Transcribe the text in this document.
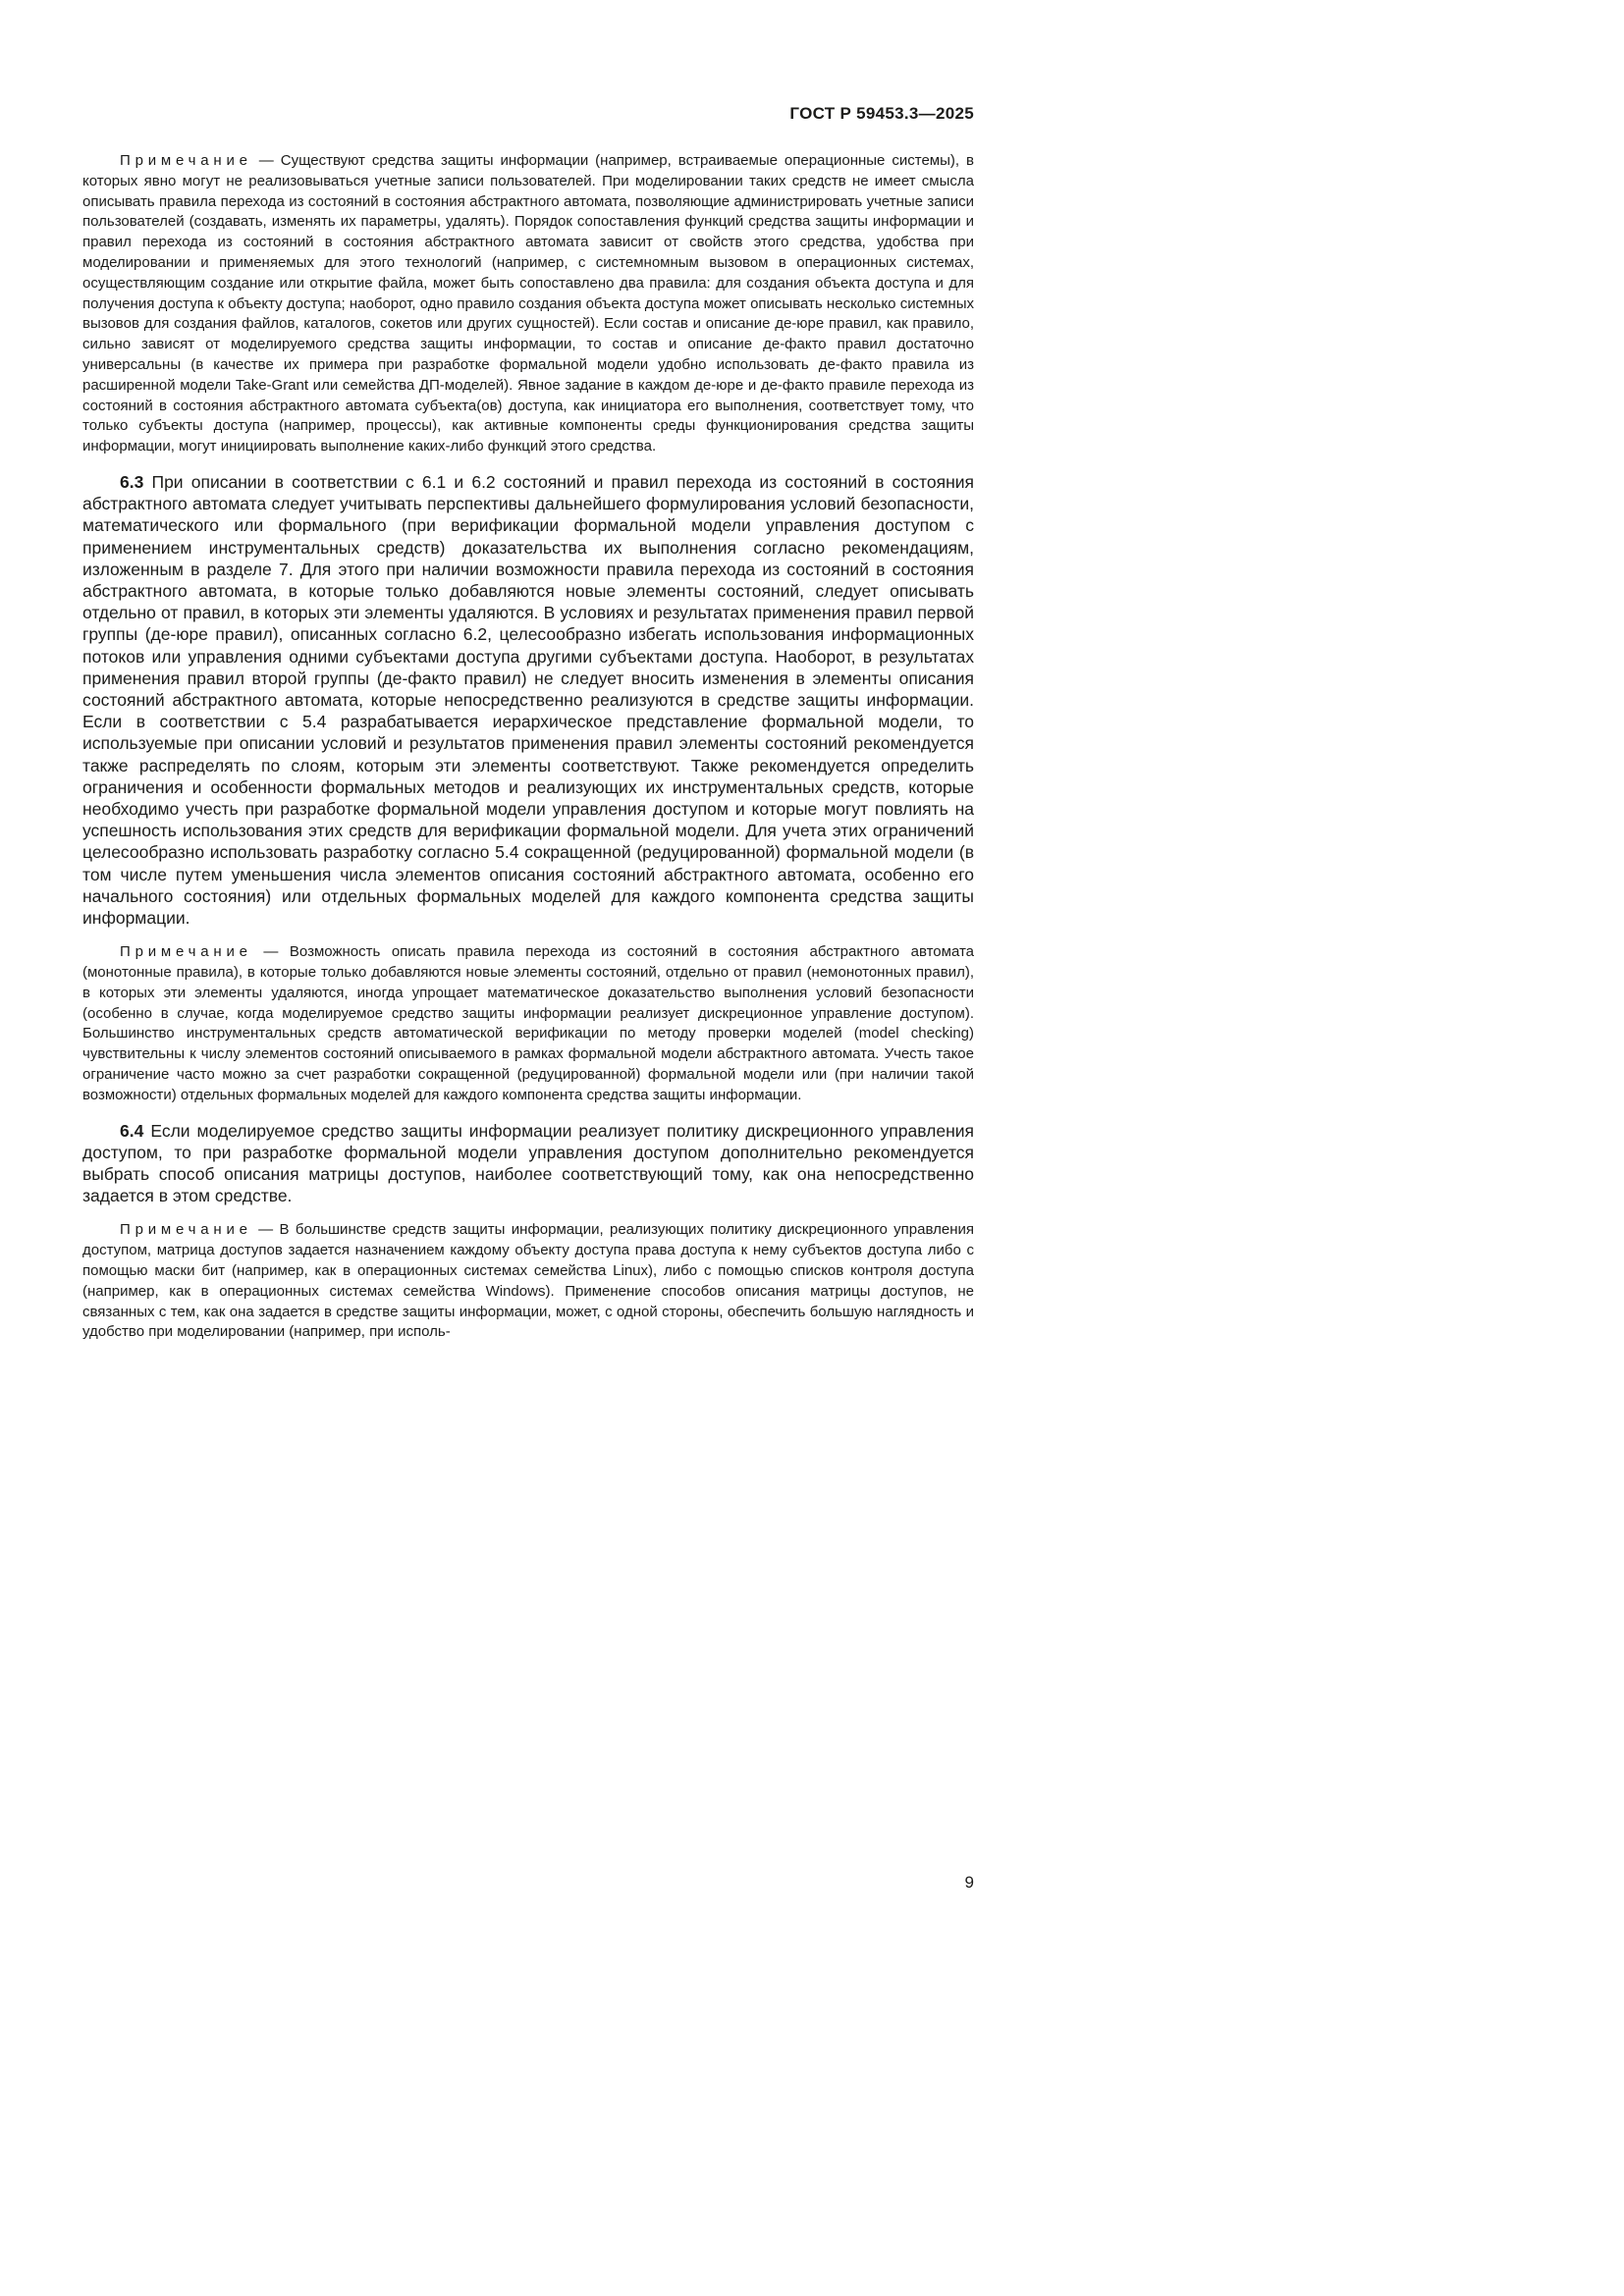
ГОСТ Р 59453.3—2025

Примечание — Существуют средства защиты информации (например, встраиваемые операционные системы), в которых явно могут не реализовываться учетные записи пользователей. При моделировании таких средств не имеет смысла описывать правила перехода из состояний в состояния абстрактного автомата, позволяющие администрировать учетные записи пользователей (создавать, изменять их параметры, удалять). Порядок сопоставления функций средства защиты информации и правил перехода из состояний в состояния абстрактного автомата зависит от свойств этого средства, удобства при моделировании и применяемых для этого технологий (например, с системномным вызовом в операционных системах, осуществляющим создание или открытие файла, может быть сопоставлено два правила: для создания объекта доступа и для получения доступа к объекту доступа; наоборот, одно правило создания объекта доступа может описывать несколько системных вызовов для создания файлов, каталогов, сокетов или других сущностей). Если состав и описание де-юре правил, как правило, сильно зависят от моделируемого средства защиты информации, то состав и описание де-факто правил достаточно универсальны (в качестве их примера при разработке формальной модели удобно использовать де-факто правила из расширенной модели Take-Grant или семейства ДП-моделей). Явное задание в каждом де-юре и де-факто правиле перехода из состояний в состояния абстрактного автомата субъекта(ов) доступа, как инициатора его выполнения, соответствует тому, что только субъекты доступа (например, процессы), как активные компоненты среды функционирования средства защиты информации, могут инициировать выполнение каких-либо функций этого средства.

6.3 При описании в соответствии с 6.1 и 6.2 состояний и правил перехода из состояний в состояния абстрактного автомата следует учитывать перспективы дальнейшего формулирования условий безопасности, математического или формального (при верификации формальной модели управления доступом с применением инструментальных средств) доказательства их выполнения согласно рекомендациям, изложенным в разделе 7. Для этого при наличии возможности правила перехода из состояний в состояния абстрактного автомата, в которые только добавляются новые элементы состояний, следует описывать отдельно от правил, в которых эти элементы удаляются. В условиях и результатах применения правил первой группы (де-юре правил), описанных согласно 6.2, целесообразно избегать использования информационных потоков или управления одними субъектами доступа другими субъектами доступа. Наоборот, в результатах применения правил второй группы (де-факто правил) не следует вносить изменения в элементы описания состояний абстрактного автомата, которые непосредственно реализуются в средстве защиты информации. Если в соответствии с 5.4 разрабатывается иерархическое представление формальной модели, то используемые при описании условий и результатов применения правил элементы состояний рекомендуется также распределять по слоям, которым эти элементы соответствуют. Также рекомендуется определить ограничения и особенности формальных методов и реализующих их инструментальных средств, которые необходимо учесть при разработке формальной модели управления доступом и которые могут повлиять на успешность использования этих средств для верификации формальной модели. Для учета этих ограничений целесообразно использовать разработку согласно 5.4 сокращенной (редуцированной) формальной модели (в том числе путем уменьшения числа элементов описания состояний абстрактного автомата, особенно его начального состояния) или отдельных формальных моделей для каждого компонента средства защиты информации.

Примечание — Возможность описать правила перехода из состояний в состояния абстрактного автомата (монотонные правила), в которые только добавляются новые элементы состояний, отдельно от правил (немонотонных правил), в которых эти элементы удаляются, иногда упрощает математическое доказательство выполнения условий безопасности (особенно в случае, когда моделируемое средство защиты информации реализует дискреционное управление доступом). Большинство инструментальных средств автоматической верификации по методу проверки моделей (model checking) чувствительны к числу элементов состояний описываемого в рамках формальной модели абстрактного автомата. Учесть такое ограничение часто можно за счет разработки сокращенной (редуцированной) формальной модели или (при наличии такой возможности) отдельных формальных моделей для каждого компонента средства защиты информации.

6.4 Если моделируемое средство защиты информации реализует политику дискреционного управления доступом, то при разработке формальной модели управления доступом дополнительно рекомендуется выбрать способ описания матрицы доступов, наиболее соответствующий тому, как она непосредственно задается в этом средстве.

Примечание — В большинстве средств защиты информации, реализующих политику дискреционного управления доступом, матрица доступов задается назначением каждому объекту доступа права доступа к нему субъектов доступа либо с помощью маски бит (например, как в операционных системах семейства Linux), либо с помощью списков контроля доступа (например, как в операционных системах семейства Windows). Применение способов описания матрицы доступов, не связанных с тем, как она задается в средстве защиты информации, может, с одной стороны, обеспечить большую наглядность и удобство при моделировании (например, при исполь-

9
